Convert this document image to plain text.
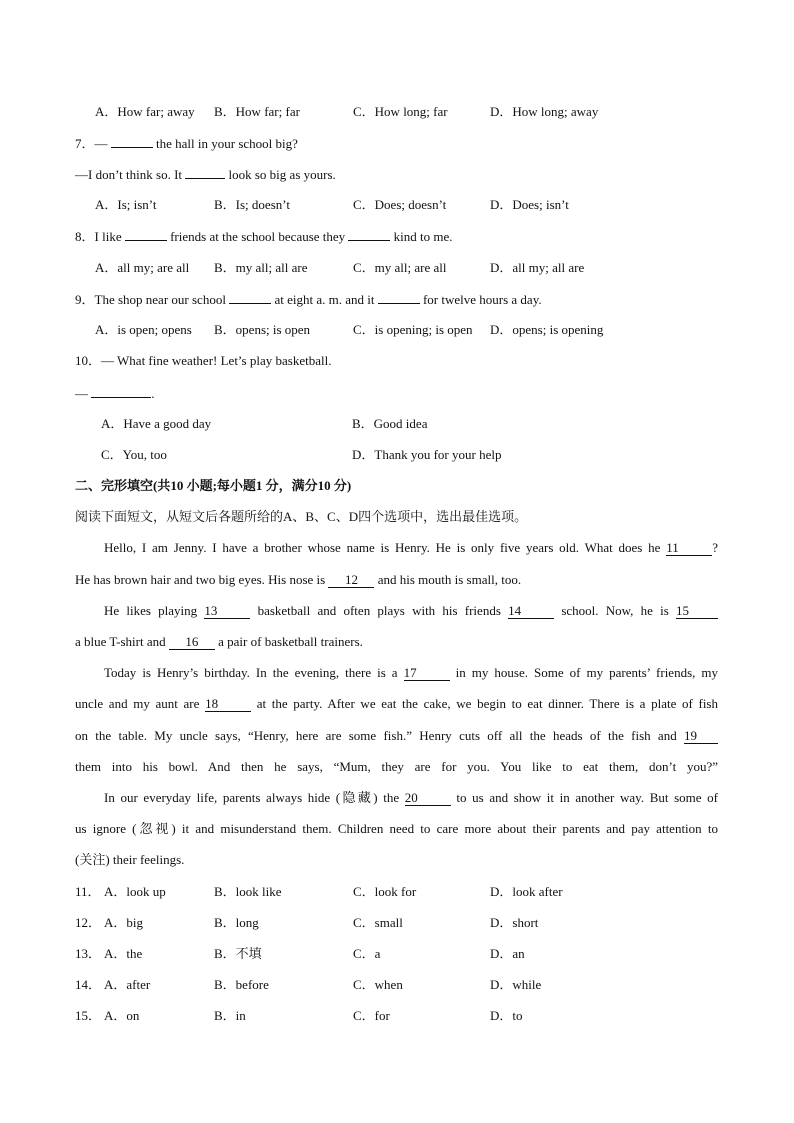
A．How far; away B．How far; far	C．How long; far	D．How long; away
7．—	the hall in your school big?
—I don’t think so. It	look so big as yours.
A．Is; isn’t	B．Is; doesn’t	C．Does; doesn’t	D．Does; isn’t
8．I like	friends at the school because they	kind to me.
A．all my; are all B．my all; all are	C．my all; are all	D．all my; all are
9．The shop near our school	at eight a. m. and it	for twelve hours a day.
A．is open; opens B．opens; is open	C．is opening; is open D．opens; is opening
10．— What fine weather! Let’s play basketball.
—	.
A．Have a good day	B．Good idea
C．You, too	D．Thank you for your help
二、完形填空(共10 小题;每小题1 分，满分10 分)
阅读下面短文，从短文后各题所给的A、B、C、D四个选项中，选出最佳选项。
Hello, I am Jenny. I have a brother whose name is Henry. He is only five years old. What does he 11	?
He has brown hair and two big eyes. His nose is 12 and his mouth is small, too.
He likes playing 13	basketball and often plays with his friends 14	school. Now, he is 15
a blue T-shirt and 16 a pair of basketball trainers.
Today is Henry’s birthday. In the evening, there is a 17	in my house. Some of my parents’ friends, my
uncle and my aunt are 18	at the party. After we eat the cake, we begin to eat dinner. There is a plate of fish
on the table. My uncle says, “Henry, here are some fish.” Henry cuts off all the heads of the fish and 19
them into his bowl. And then he says, “Mum, they are for you. You like to eat them, don’t you?”
In our everyday life, parents always hide (隐藏) the 20	to us and show it in another way. But some of
us ignore (忽视) it and misunderstand them. Children need to care more about their parents and pay attention to
(关注) their feelings.
11． A．look up	B．look like	C．look for	D．look after
12． A．big	B．long	C．small	D．short
13． A．the	B．不填	C．a	D．an
14． A．after	B．before	C．when	D．while
15． A．on	B．in	C．for	D．to
